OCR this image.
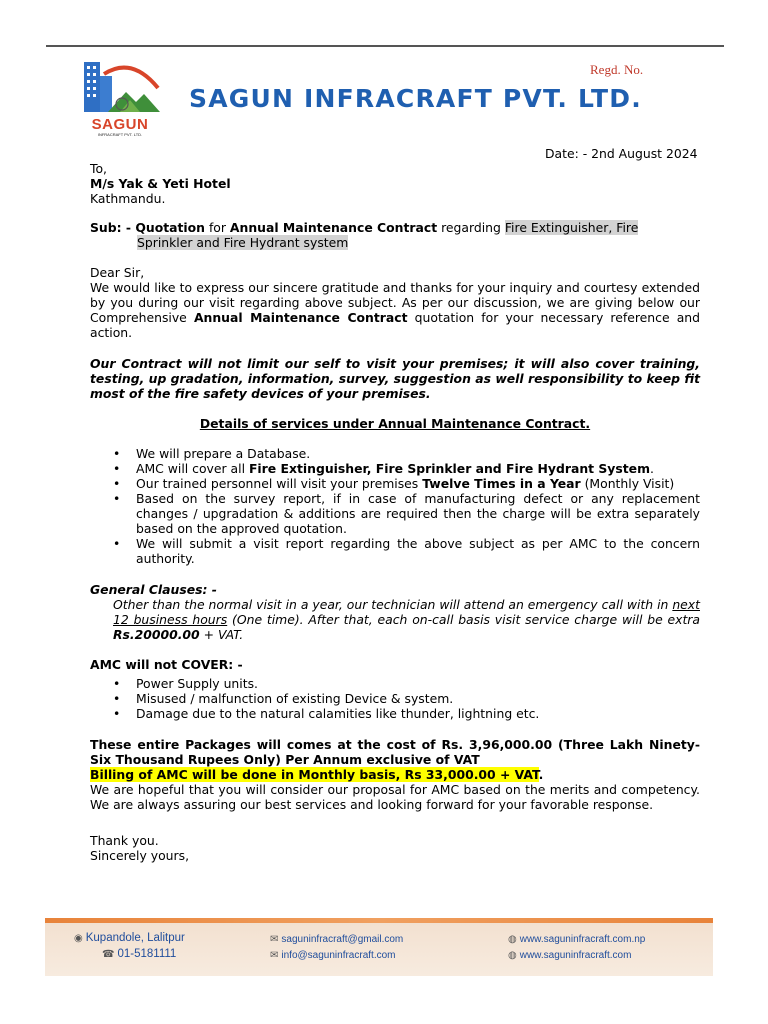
SAGUN
INFRACRAFT PVT. LTD.
Regd. No.
SAGUN INFRACRAFT PVT. LTD.
Date: - 2nd August 2024
To,
M/s Yak & Yeti Hotel
Kathmandu.
Sub: - Quotation for Annual Maintenance Contract regarding Fire Extinguisher, Fire
Sprinkler and Fire Hydrant system
Dear Sir,
We would like to express our sincere gratitude and thanks for your inquiry and courtesy extended by you during our visit regarding above subject. As per our discussion, we are giving below our Comprehensive Annual Maintenance Contract quotation for your necessary reference and action.
Our Contract will not limit our self to visit your premises; it will also cover training, testing, up gradation, information, survey, suggestion as well responsibility to keep fit most of the fire safety devices of your premises.
Details of services under Annual Maintenance Contract.
• We will prepare a Database.
• AMC will cover all Fire Extinguisher, Fire Sprinkler and Fire Hydrant System.
• Our trained personnel will visit your premises Twelve Times in a Year (Monthly Visit)
• Based on the survey report, if in case of manufacturing defect or any replacement changes / upgradation & additions are required then the charge will be extra separately based on the approved quotation.
• We will submit a visit report regarding the above subject as per AMC to the concern authority.
General Clauses: -
Other than the normal visit in a year, our technician will attend an emergency call with in next 12 business hours (One time). After that, each on-call basis visit service charge will be extra Rs.20000.00 + VAT.
AMC will not COVER: -
• Power Supply units.
• Misused / malfunction of existing Device & system.
• Damage due to the natural calamities like thunder, lightning etc.
These entire Packages will comes at the cost of Rs. 3,96,000.00 (Three Lakh Ninety-Six Thousand Rupees Only) Per Annum exclusive of VAT
Billing of AMC will be done in Monthly basis, Rs 33,000.00 + VAT.
We are hopeful that you will consider our proposal for AMC based on the merits and competency. We are always assuring our best services and looking forward for your favorable response.
Thank you.
Sincerely yours,
◉ Kupandole, Lalitpur
☎ 01-5181111
✉ saguninfracraft@gmail.com
✉ info@saguninfracraft.com
◍ www.saguninfracraft.com.np
◍ www.saguninfracraft.com
